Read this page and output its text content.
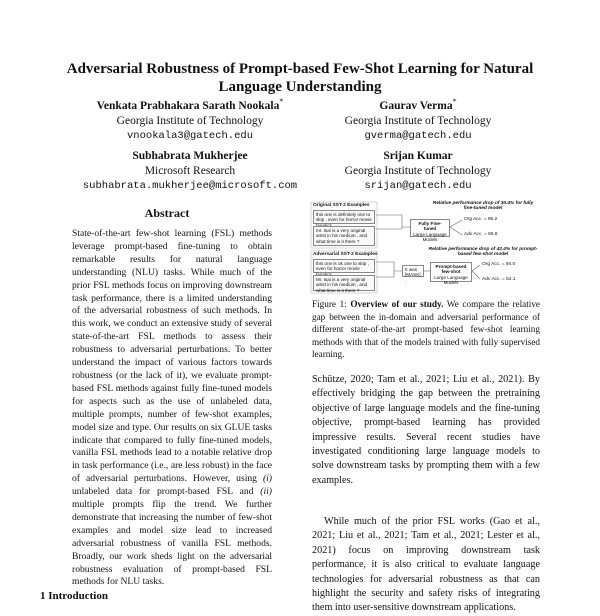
Adversarial Robustness of Prompt-based Few-Shot Learning for Natural Language Understanding
Venkata Prabhakara Sarath Nookala*
Georgia Institute of Technology
vnookala3@gatech.edu
Gaurav Verma*
Georgia Institute of Technology
gverma@gatech.edu
Subhabrata Mukherjee
Microsoft Research
subhabrata.mukherjee@microsoft.com
Srijan Kumar
Georgia Institute of Technology
srijan@gatech.edu
Abstract
State-of-the-art few-shot learning (FSL) methods leverage prompt-based fine-tuning to obtain remarkable results for natural language understanding (NLU) tasks. While much of the prior FSL methods focus on improving downstream task performance, there is a limited understanding of the adversarial robustness of such methods. In this work, we conduct an extensive study of several state-of-the-art FSL methods to assess their robustness to adversarial perturbations. To better understand the impact of various factors towards robustness (or the lack of it), we evaluate prompt-based FSL methods against fully fine-tuned models for aspects such as the use of unlabeled data, multiple prompts, number of few-shot examples, model size and type. Our results on six GLUE tasks indicate that compared to fully fine-tuned models, vanilla FSL methods lead to a notable relative drop in task performance (i.e., are less robust) in the face of adversarial perturbations. However, using (i) unlabeled data for prompt-based FSL and (ii) multiple prompts flip the trend. We further demonstrate that increasing the number of few-shot examples and model size lead to increased adversarial robustness of vanilla FSL methods. Broadly, our work sheds light on the adversarial robustness evaluation of prompt-based FSL methods for NLU tasks.
1 Introduction
Original SST-2 Examples
this one is definitely one to skip , even for horror movie
mr. tsai is a very original artist in his medium , and what time is it there ?
Adversarial SST-2 Examples
this one is ok one to skip , even for horror movie
Mr. tsai is a very original artist in his medium , and what time is it there ?
Relative performance drop of 30.4% for fully fine-tuned model
Fully Fine-tuned
Large Language Models
Org Acc. = 95.2
Adv Acc. = 66.8
Relative performance drop of 42.4% for prompt-based few-shot model
It was [MASK] .
Prompt-based few-shot
Large Language Models
Org Acc. = 94.0
Adv Acc. = 54.1
Figure 1: Overview of our study. We compare the relative gap between the in-domain and adversarial performance of different state-of-the-art prompt-based few-shot learning methods with that of the models trained with fully supervised learning.

Schütze, 2020; Tam et al., 2021; Liu et al., 2021). By effectively bridging the gap between the pretraining objective of large language models and the fine-tuning objective, prompt-based learning has provided impressive results. Several recent studies have investigated conditioning large language models to solve downstream tasks by prompting them with a few examples.

While much of the prior FSL works (Gao et al., 2021; Liu et al., 2021; Tam et al., 2021; Lester et al., 2021) focus on improving downstream task performance, it is also critical to evaluate language technologies for adversarial robustness as that can highlight the security and safety risks of integrating them into user-sensitive downstream applications.
